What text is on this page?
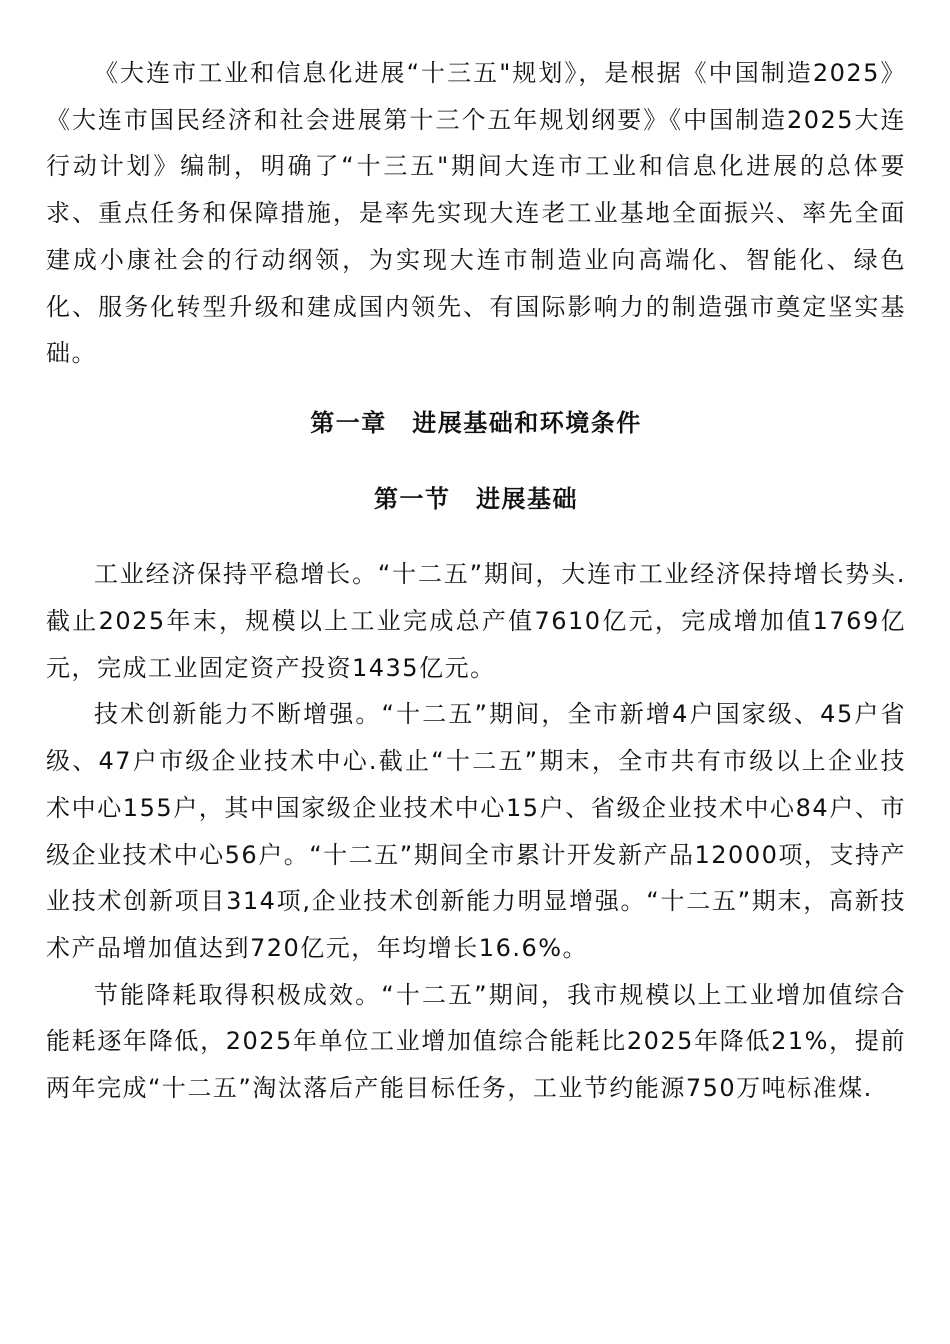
《大连市工业和信息化进展“十三五"规划》，是根据《中国制造2025》《大连市国民经济和社会进展第十三个五年规划纲要》《中国制造2025大连行动计划》编制，明确了“十三五"期间大连市工业和信息化进展的总体要求、重点任务和保障措施，是率先实现大连老工业基地全面振兴、率先全面建成小康社会的行动纲领，为实现大连市制造业向高端化、智能化、绿色化、服务化转型升级和建成国内领先、有国际影响力的制造强市奠定坚实基础。

第一章　进展基础和环境条件
第一节　进展基础

工业经济保持平稳增长。“十二五”期间，大连市工业经济保持增长势头.截止2025年末，规模以上工业完成总产值7610亿元，完成增加值1769亿元，完成工业固定资产投资1435亿元。

技术创新能力不断增强。“十二五”期间，全市新增4户国家级、45户省级、47户市级企业技术中心.截止“十二五”期末，全市共有市级以上企业技术中心155户，其中国家级企业技术中心15户、省级企业技术中心84户、市级企业技术中心56户。“十二五”期间全市累计开发新产品12000项，支持产业技术创新项目314项,企业技术创新能力明显增强。“十二五”期末，高新技术产品增加值达到720亿元，年均增长16.6%。

节能降耗取得积极成效。“十二五”期间，我市规模以上工业增加值综合能耗逐年降低，2025年单位工业增加值综合能耗比2025年降低21%，提前两年完成“十二五”淘汰落后产能目标任务，工业节约能源750万吨标准煤.
